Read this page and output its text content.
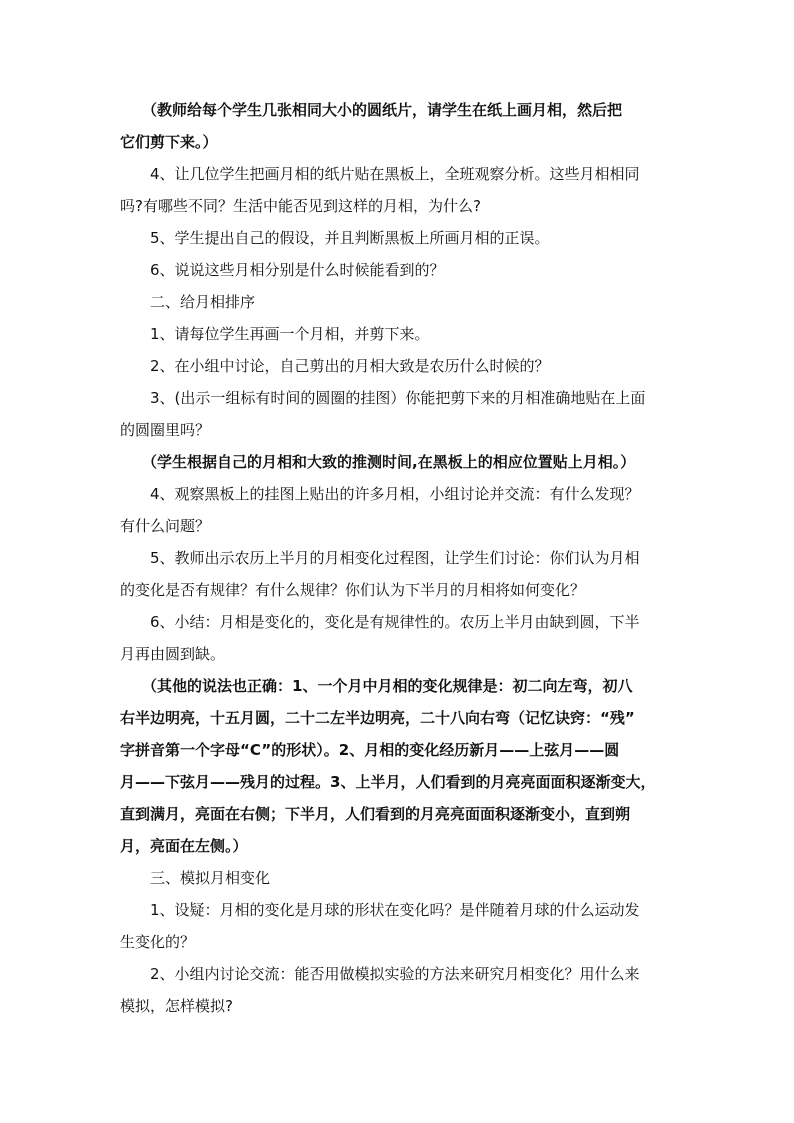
（教师给每个学生几张相同大小的圆纸片，请学生在纸上画月相，然后把
它们剪下来。）
4、让几位学生把画月相的纸片贴在黑板上，全班观察分析。这些月相相同
吗?有哪些不同？生活中能否见到这样的月相，为什么?
5、学生提出自己的假设，并且判断黑板上所画月相的正误。
6、说说这些月相分别是什么时候能看到的？
二、给月相排序
1、请每位学生再画一个月相，并剪下来。
2、在小组中讨论，自己剪出的月相大致是农历什么时候的？
3、(出示一组标有时间的圆圈的挂图）你能把剪下来的月相准确地贴在上面
的圆圈里吗？
（学生根据自己的月相和大致的推测时间,在黑板上的相应位置贴上月相。）
4、观察黑板上的挂图上贴出的许多月相，小组讨论并交流：有什么发现？
有什么问题？
5、教师出示农历上半月的月相变化过程图，让学生们讨论：你们认为月相
的变化是否有规律？有什么规律？你们认为下半月的月相将如何变化？
6、小结：月相是变化的，变化是有规律性的。农历上半月由缺到圆，下半
月再由圆到缺。
（其他的说法也正确：1、一个月中月相的变化规律是：初二向左弯，初八
右半边明亮，十五月圆，二十二左半边明亮，二十八向右弯（记忆诀窍：“残”
字拼音第一个字母“C”的形状）。2、月相的变化经历新月——上弦月——圆
月——下弦月——残月的过程。3、上半月，人们看到的月亮亮面面积逐渐变大，
直到满月，亮面在右侧；下半月，人们看到的月亮亮面面积逐渐变小，直到朔
月，亮面在左侧。）
三、模拟月相变化
1、设疑：月相的变化是月球的形状在变化吗？是伴随着月球的什么运动发
生变化的？
2、小组内讨论交流：能否用做模拟实验的方法来研究月相变化？用什么来
模拟，怎样模拟?
